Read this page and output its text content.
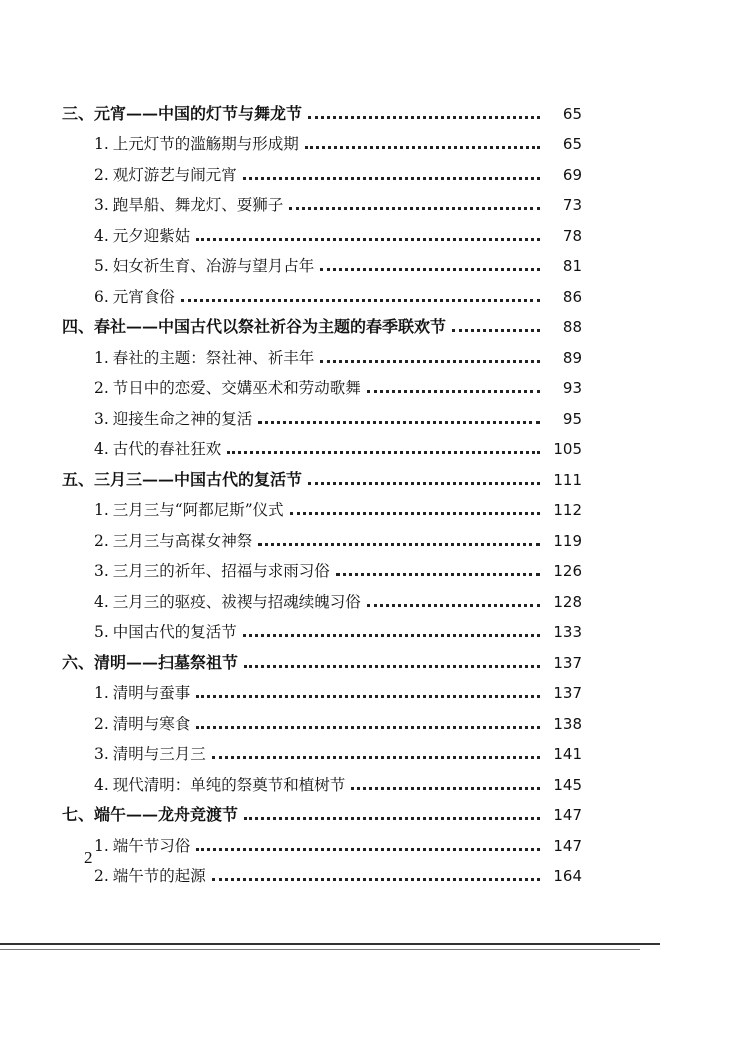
三、元宵——中国的灯节与舞龙节	65
1. 上元灯节的滥觞期与形成期	65
2. 观灯游艺与闹元宵	69
3. 跑旱船、舞龙灯、耍狮子	73
4. 元夕迎紫姑	78
5. 妇女祈生育、冶游与望月占年	81
6. 元宵食俗	86
四、春社——中国古代以祭社祈谷为主题的春季联欢节	88
1. 春社的主题：祭社神、祈丰年	89
2. 节日中的恋爱、交媾巫术和劳动歌舞	93
3. 迎接生命之神的复活	95
4. 古代的春社狂欢	105
五、三月三——中国古代的复活节	111
1. 三月三与“阿都尼斯”仪式	112
2. 三月三与高禖女神祭	119
3. 三月三的祈年、招福与求雨习俗	126
4. 三月三的驱疫、祓禊与招魂续魄习俗	128
5. 中国古代的复活节	133
六、清明——扫墓祭祖节	137
1. 清明与蚕事	137
2. 清明与寒食	138
3. 清明与三月三	141
4. 现代清明：单纯的祭奠节和植树节	145
七、端午——龙舟竞渡节	147
1. 端午节习俗	147
2. 端午节的起源	164
2
